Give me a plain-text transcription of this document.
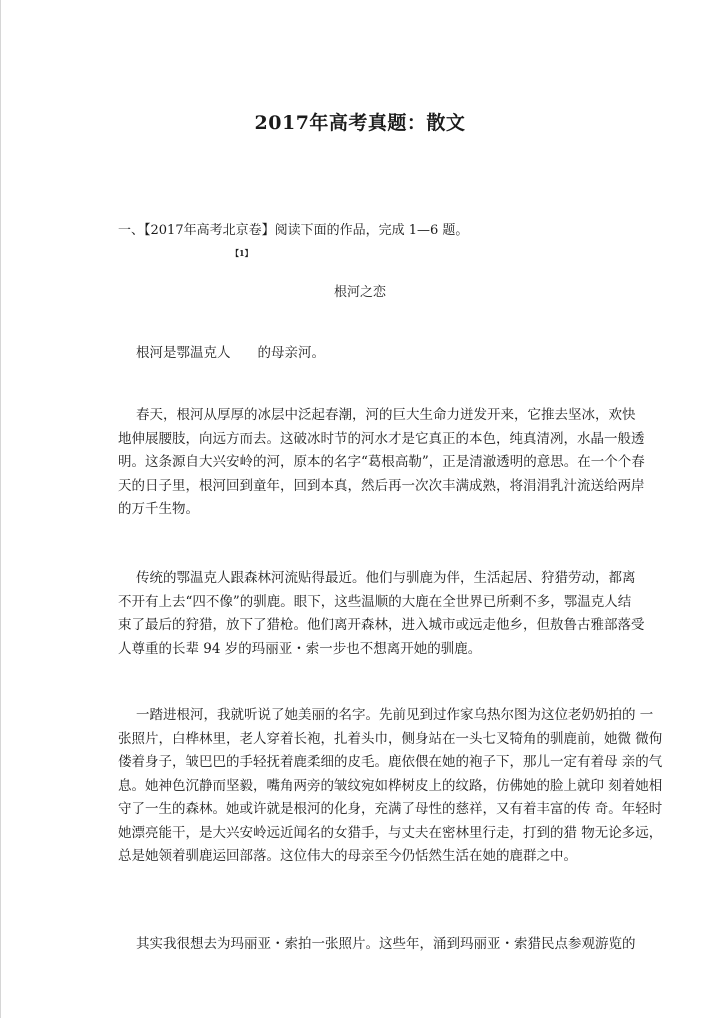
2017年高考真题：散文
一、【2017年高考北京卷】阅读下面的作品，完成 1—6 题。
【1】
根河之恋
根河是鄂温克人　　的母亲河。
春天，根河从厚厚的冰层中泛起春潮，河的巨大生命力迸发开来，它推去坚冰，欢快
地伸展腰肢，向远方而去。这破冰时节的河水才是它真正的本色，纯真清冽，水晶一般透
明。这条源自大兴安岭的河，原本的名字“葛根高勒”，正是清澈透明的意思。在一个个春
天的日子里，根河回到童年，回到本真，然后再一次次丰满成熟，将涓涓乳汁流送给两岸
的万千生物。
传统的鄂温克人跟森林河流贴得最近。他们与驯鹿为伴，生活起居、狩猎劳动，都离
不开有上去“四不像”的驯鹿。眼下，这些温顺的大鹿在全世界已所剩不多，鄂温克人结
束了最后的狩猎，放下了猎枪。他们离开森林，进入城市或远走他乡，但敖鲁古雅部落受
人尊重的长辈 94 岁的玛丽亚・索一步也不想离开她的驯鹿。
一踏进根河，我就听说了她美丽的名字。先前见到过作家乌热尔图为这位老奶奶拍的 一
张照片，白桦林里，老人穿着长袍，扎着头巾，侧身站在一头七叉犄角的驯鹿前，她微 微佝
偻着身子，皱巴巴的手轻抚着鹿柔细的皮毛。鹿依偎在她的袍子下，那儿一定有着母 亲的气
息。她神色沉静而坚毅，嘴角两旁的皱纹宛如桦树皮上的纹路，仿佛她的脸上就印 刻着她相
守了一生的森林。她或许就是根河的化身，充满了母性的慈祥，又有着丰富的传 奇。年轻时
她漂亮能干，是大兴安岭远近闻名的女猎手，与丈夫在密林里行走，打到的猎 物无论多远，
总是她领着驯鹿运回部落。这位伟大的母亲至今仍恬然生活在她的鹿群之中。
其实我很想去为玛丽亚・索拍一张照片。这些年，涌到玛丽亚・索猎民点参观游览的
